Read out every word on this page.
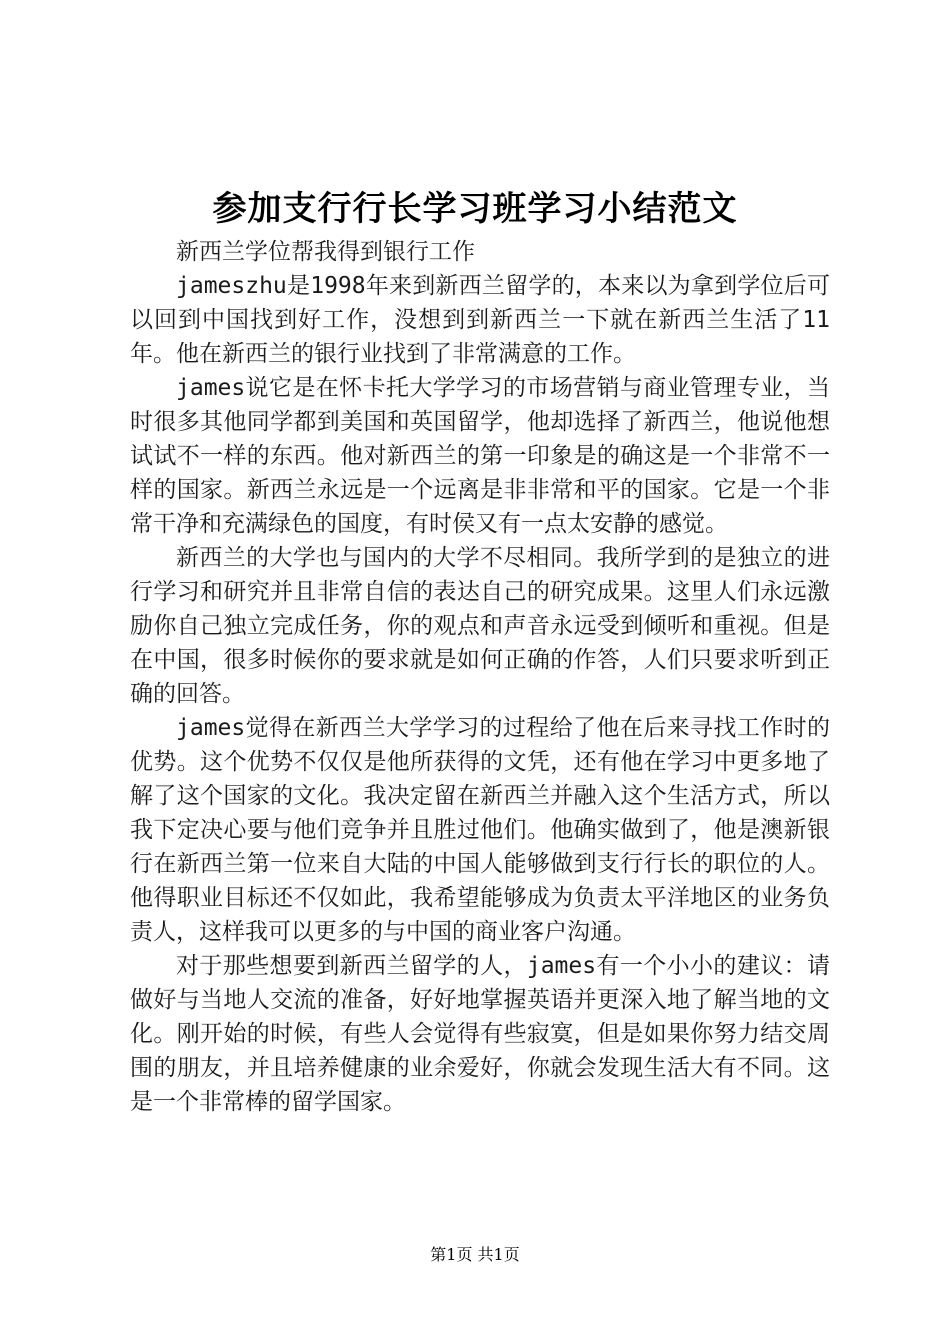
参加支行行长学习班学习小结范文

新西兰学位帮我得到银行工作

jameszhu是1998年来到新西兰留学的，本来以为拿到学位后可以回到中国找到好工作，没想到到新西兰一下就在新西兰生活了11年。他在新西兰的银行业找到了非常满意的工作。

james说它是在怀卡托大学学习的市场营销与商业管理专业，当时很多其他同学都到美国和英国留学，他却选择了新西兰，他说他想试试不一样的东西。他对新西兰的第一印象是的确这是一个非常不一样的国家。新西兰永远是一个远离是非非常和平的国家。它是一个非常干净和充满绿色的国度，有时侯又有一点太安静的感觉。

新西兰的大学也与国内的大学不尽相同。我所学到的是独立的进行学习和研究并且非常自信的表达自己的研究成果。这里人们永远激励你自己独立完成任务，你的观点和声音永远受到倾听和重视。但是在中国，很多时候你的要求就是如何正确的作答，人们只要求听到正确的回答。

james觉得在新西兰大学学习的过程给了他在后来寻找工作时的优势。这个优势不仅仅是他所获得的文凭，还有他在学习中更多地了解了这个国家的文化。我决定留在新西兰并融入这个生活方式，所以我下定决心要与他们竞争并且胜过他们。他确实做到了，他是澳新银行在新西兰第一位来自大陆的中国人能够做到支行行长的职位的人。他得职业目标还不仅如此，我希望能够成为负责太平洋地区的业务负责人，这样我可以更多的与中国的商业客户沟通。

对于那些想要到新西兰留学的人，james有一个小小的建议：请做好与当地人交流的准备，好好地掌握英语并更深入地了解当地的文化。刚开始的时候，有些人会觉得有些寂寞，但是如果你努力结交周围的朋友，并且培养健康的业余爱好，你就会发现生活大有不同。这是一个非常棒的留学国家。

第1页 共1页
